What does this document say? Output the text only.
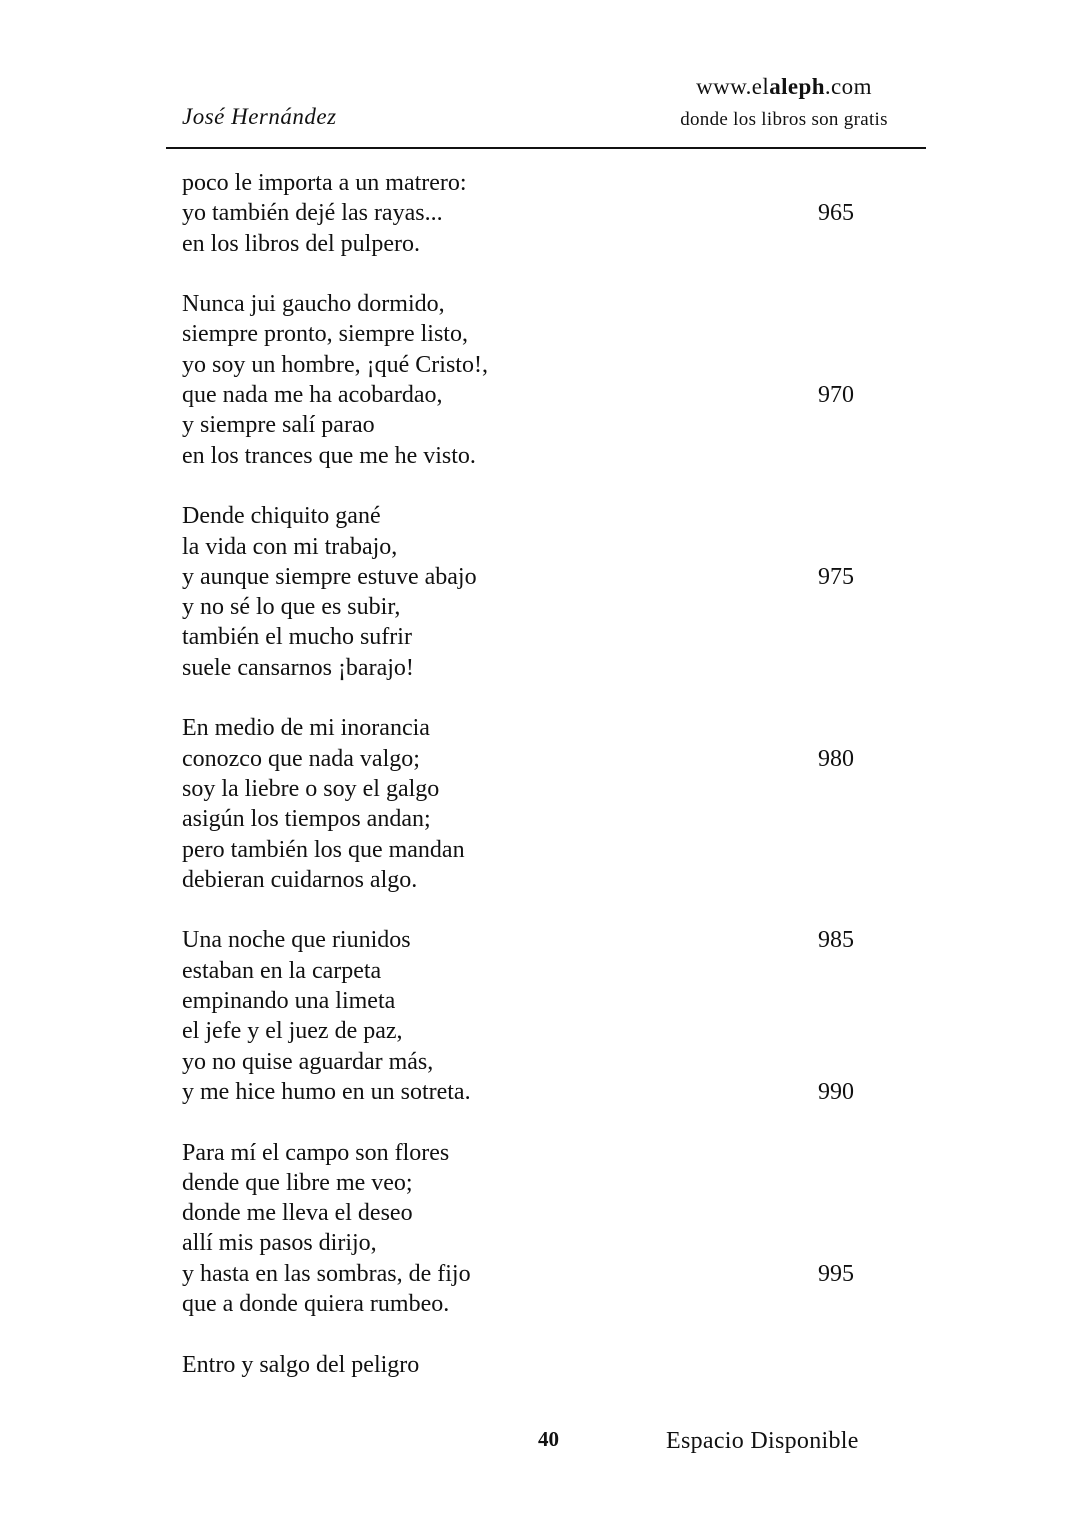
José Hernández
www.elaleph.com
donde los libros son gratis
poco le importa a un matrero:
yo también dejé las rayas...	965
en los libros del pulpero.
Nunca jui gaucho dormido,
siempre pronto, siempre listo,
yo soy un hombre, ¡qué Cristo!,
que nada me ha acobardao,	970
y siempre salí parao
en los trances que me he visto.
Dende chiquito gané
la vida con mi trabajo,
y aunque siempre estuve abajo	975
y no sé lo que es subir,
también el mucho sufrir
suele cansarnos ¡barajo!
En medio de mi inorancia
conozco que nada valgo;	980
soy la liebre o soy el galgo
asigún los tiempos andan;
pero también los que mandan
debieran cuidarnos algo.
Una noche que riunidos	985
estaban en la carpeta
empinando una limeta
el jefe y el juez de paz,
yo no quise aguardar más,
y me hice humo en un sotreta.	990
Para mí el campo son flores
dende que libre me veo;
donde me lleva el deseo
allí mis pasos dirijo,
y hasta en las sombras, de fijo	995
que a donde quiera rumbeo.
Entro y salgo del peligro
40	Espacio Disponible
